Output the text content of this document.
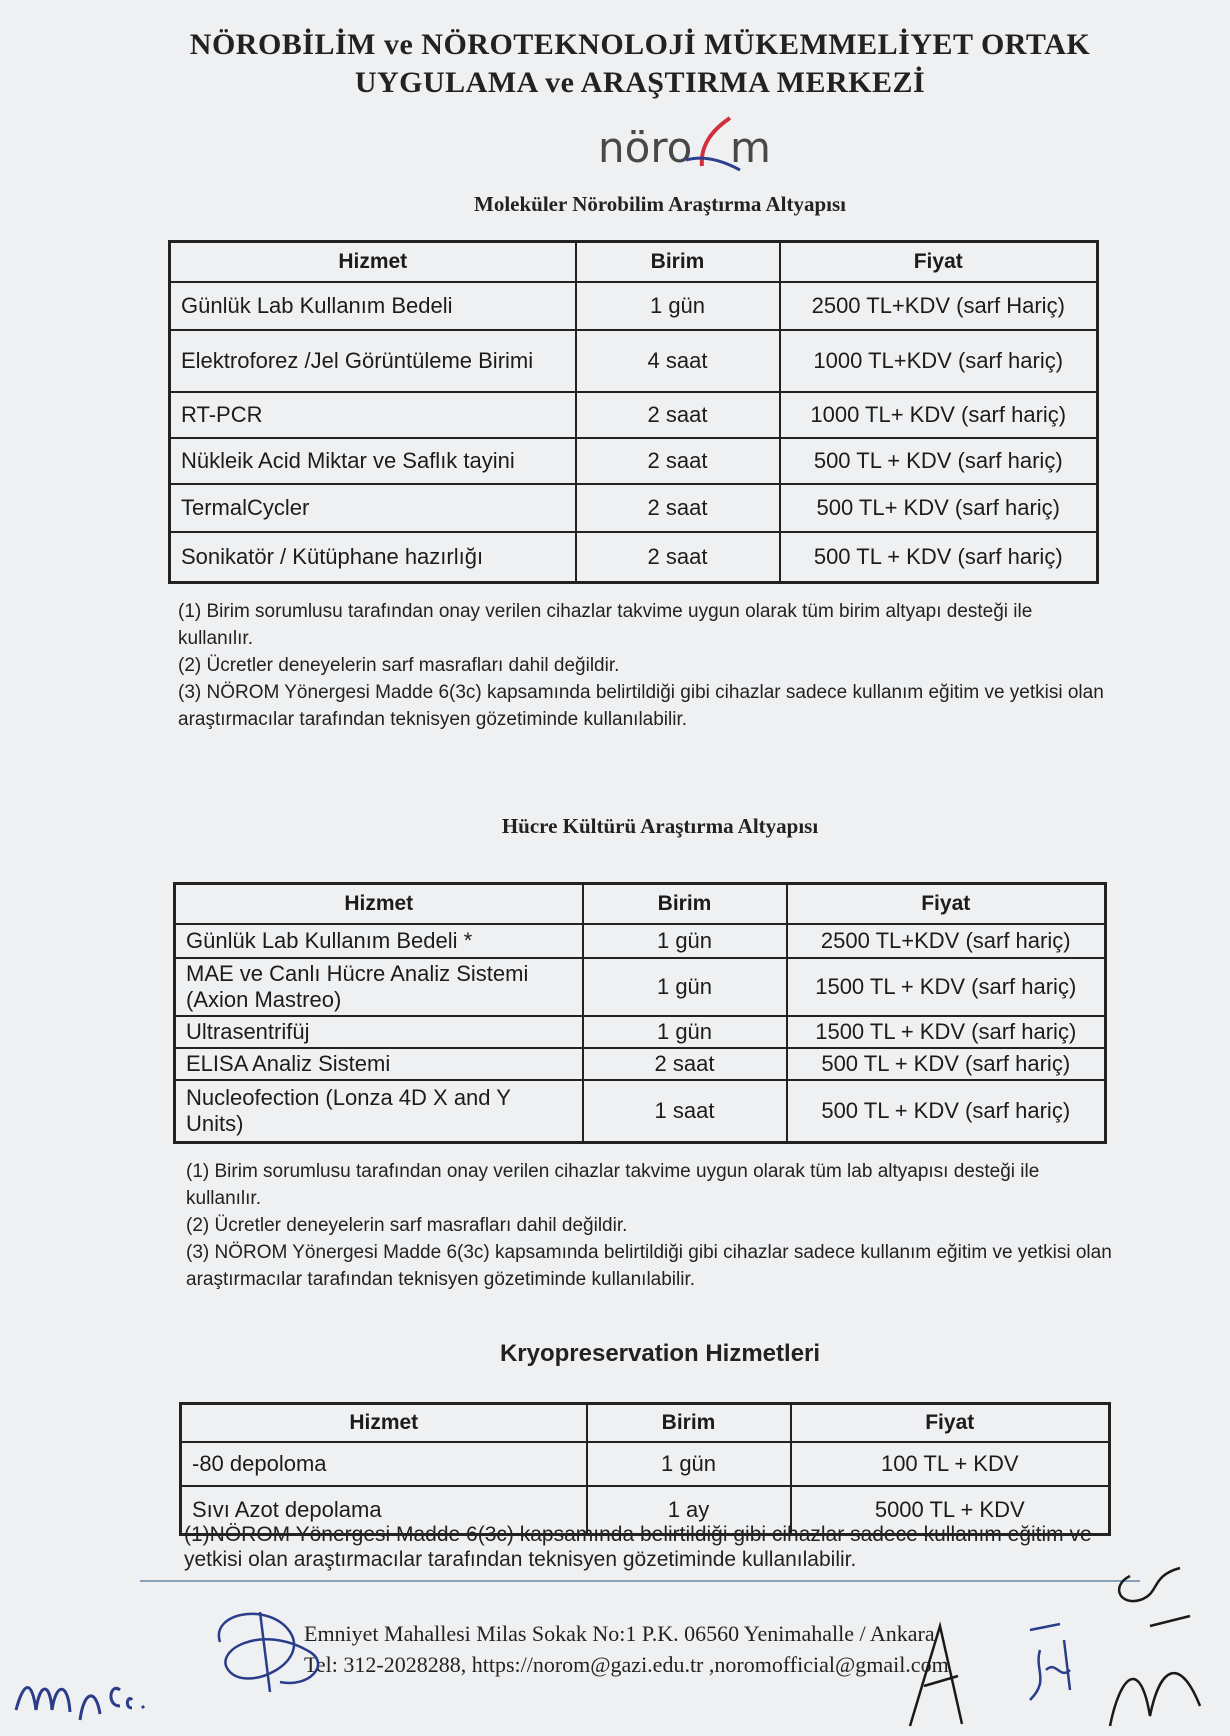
NÖROBİLİM ve NÖROTEKNOLOJİ MÜKEMMELİYET ORTAK
UYGULAMA ve ARAŞTIRMA MERKEZİ
nöro m
Moleküler Nörobilim Araştırma Altyapısı
Hizmet	Birim	Fiyat
Günlük Lab Kullanım Bedeli	1 gün	2500 TL+KDV (sarf Hariç)
Elektroforez /Jel Görüntüleme Birimi	4 saat	1000 TL+KDV (sarf hariç)
RT-PCR	2 saat	1000 TL+ KDV (sarf hariç)
Nükleik Acid Miktar ve Saflık tayini	2 saat	500 TL + KDV (sarf hariç)
TermalCycler	2 saat	500 TL+ KDV (sarf hariç)
Sonikatör / Kütüphane hazırlığı	2 saat	500 TL + KDV (sarf hariç)
(1) Birim sorumlusu tarafından onay verilen cihazlar takvime uygun olarak tüm birim altyapı desteği ile kullanılır.
(2) Ücretler deneyelerin sarf masrafları dahil değildir.
(3) NÖROM Yönergesi Madde 6(3c) kapsamında belirtildiği gibi cihazlar sadece kullanım eğitim ve yetkisi olan araştırmacılar tarafından teknisyen gözetiminde kullanılabilir.
Hücre Kültürü Araştırma Altyapısı
Hizmet	Birim	Fiyat
Günlük Lab Kullanım Bedeli *	1 gün	2500 TL+KDV (sarf hariç)
MAE ve Canlı Hücre Analiz Sistemi (Axion Mastreo)	1 gün	1500 TL + KDV (sarf hariç)
Ultrasentrifüj	1 gün	1500 TL + KDV (sarf hariç)
ELISA Analiz Sistemi	2 saat	500 TL + KDV (sarf hariç)
Nucleofection (Lonza 4D X and Y Units)	1 saat	500 TL + KDV (sarf hariç)
(1) Birim sorumlusu tarafından onay verilen cihazlar takvime uygun olarak tüm lab altyapısı desteği ile kullanılır.
(2) Ücretler deneyelerin sarf masrafları dahil değildir.
(3) NÖROM Yönergesi Madde 6(3c) kapsamında belirtildiği gibi cihazlar sadece kullanım eğitim ve yetkisi olan araştırmacılar tarafından teknisyen gözetiminde kullanılabilir.
Kryopreservation Hizmetleri
Hizmet	Birim	Fiyat
-80 depoloma	1 gün	100 TL + KDV
Sıvı Azot depolama	1 ay	5000 TL + KDV
(1)NÖROM Yönergesi Madde 6(3c) kapsamında belirtildiği gibi cihazlar sadece kullanım eğitim ve yetkisi olan araştırmacılar tarafından teknisyen gözetiminde kullanılabilir.
Emniyet Mahallesi Milas Sokak No:1 P.K. 06560 Yenimahalle / Ankara
Tel: 312-2028288, https://norom@gazi.edu.tr ,noromofficial@gmail.com
